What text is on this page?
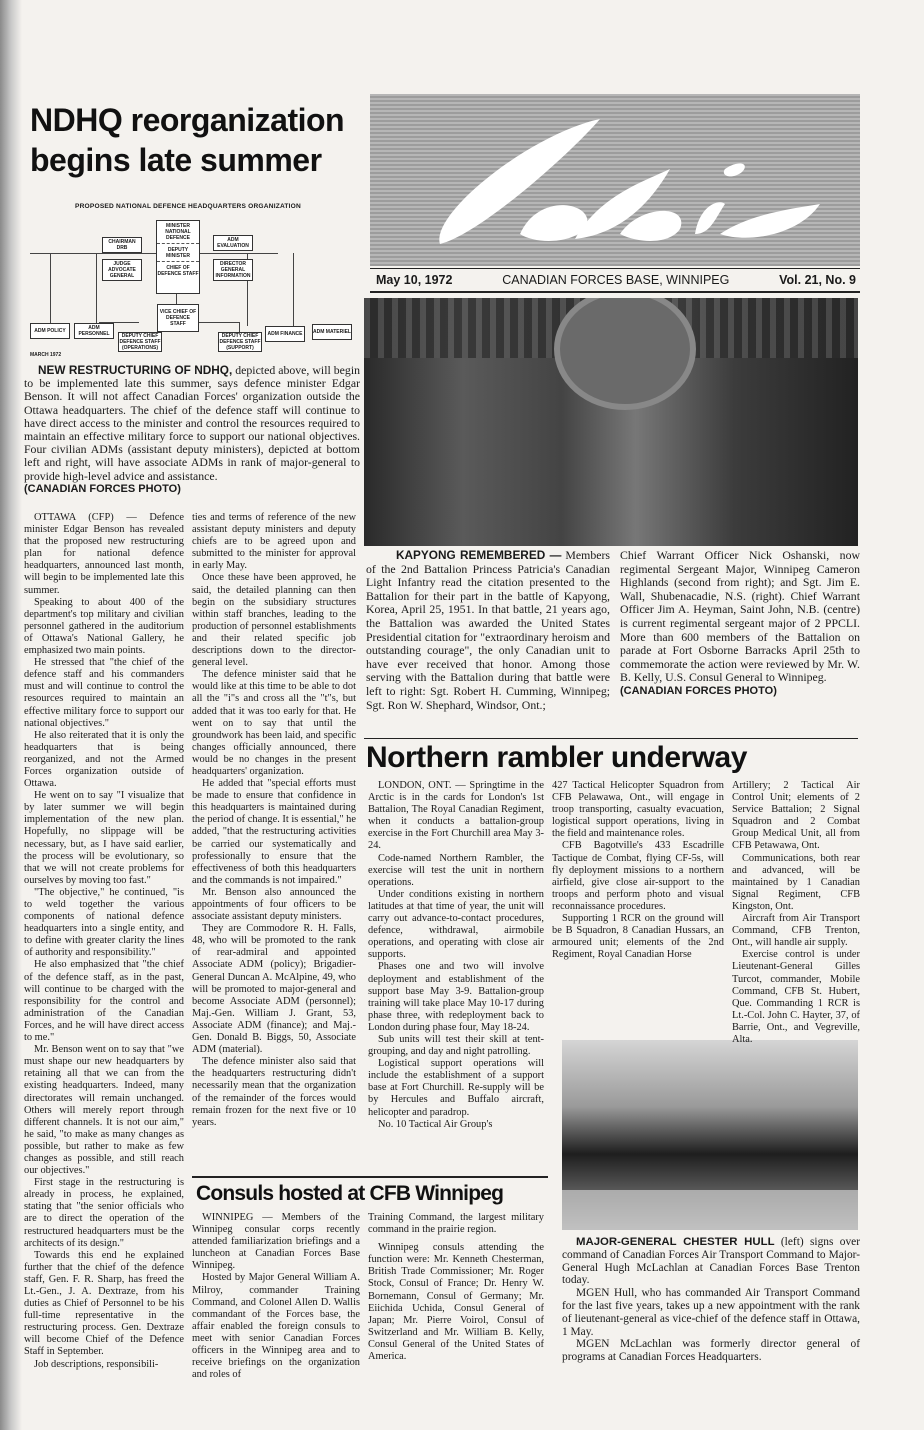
NDHQ reorganization
begins late summer
PROPOSED NATIONAL DEFENCE HEADQUARTERS ORGANIZATION
MINISTER NATIONAL DEFENCE
DEPUTY MINISTER
CHIEF OF DEFENCE STAFF
CHAIRMAN DRB
JUDGE ADVOCATE GENERAL
ADM EVALUATION
DIRECTOR GENERAL INFORMATION
VICE CHIEF OF DEFENCE STAFF
ADM POLICY	ADM PERSONNEL	DEPUTY CHIEF DEFENCE STAFF (OPERATIONS)
DEPUTY CHIEF DEFENCE STAFF (SUPPORT)
ADM FINANCE	ADM MATERIEL
MARCH 1972

NEW RESTRUCTURING OF NDHQ, depicted above, will begin to be implemented late this summer, says defence minister Edgar Benson. It will not affect Canadian Forces' organization outside the Ottawa headquarters. The chief of the defence staff will continue to have direct access to the minister and control the resources required to maintain an effective military force to support our national objectives. Four civilian ADMs (assistant deputy ministers), depicted at bottom left and right, will have associate ADMs in rank of major-general to provide high-level advice and assistance.

(CANADIAN FORCES PHOTO)

OTTAWA (CFP) — Defence minister Edgar Benson has revealed that the proposed new restructuring plan for national defence headquarters, announced last month, will begin to be implemented late this summer.

Speaking to about 400 of the department's top military and civilian personnel gathered in the auditorium of Ottawa's National Gallery, he emphasized two main points.

He stressed that "the chief of the defence staff and his commanders must and will continue to control the resources required to maintain an effective military force to support our national objectives."

He also reiterated that it is only the headquarters that is being reorganized, and not the Armed Forces organization outside of Ottawa.

He went on to say "I visualize that by later summer we will begin implementation of the new plan. Hopefully, no slippage will be necessary, but, as I have said earlier, the process will be evolutionary, so that we will not create problems for ourselves by moving too fast."

"The objective," he continued, "is to weld together the various components of national defence headquarters into a single entity, and to define with greater clarity the lines of authority and responsibility."

He also emphasized that "the chief of the defence staff, as in the past, will continue to be charged with the responsibility for the control and administration of the Canadian Forces, and he will have direct access to me."

Mr. Benson went on to say that "we must shape our new headquarters by retaining all that we can from the existing headquarters. Indeed, many directorates will remain unchanged. Others will merely report through different channels. It is not our aim," he said, "to make as many changes as possible, but rather to make as few changes as possible, and still reach our objectives."

First stage in the restructuring is already in process, he explained, stating that "the senior officials who are to direct the operation of the restructured headquarters must be the architects of its design."

Towards this end he explained further that the chief of the defence staff, Gen. F. R. Sharp, has freed the Lt.-Gen., J. A. Dextraze, from his duties as Chief of Personnel to be his full-time representative in the restructuring process. Gen. Dextraze will become Chief of the Defence Staff in September.

Job descriptions, responsibili-

ties and terms of reference of the new assistant deputy ministers and deputy chiefs are to be agreed upon and submitted to the minister for approval in early May.

Once these have been approved, he said, the detailed planning can then begin on the subsidiary structures within staff branches, leading to the production of personnel establishments and their related specific job descriptions down to the director-general level.

The defence minister said that he would like at this time to be able to dot all the "i"s and cross all the "t"s, but added that it was too early for that. He went on to say that until the groundwork has been laid, and specific changes officially announced, there would be no changes in the present headquarters' organization.

He added that "special efforts must be made to ensure that confidence in this headquarters is maintained during the period of change. It is essential," he added, "that the restructuring activities be carried our systematically and professionally to ensure that the effectiveness of both this headquarters and the commands is not impaired."

Mr. Benson also announced the appointments of four officers to be associate assistant deputy ministers.

They are Commodore R. H. Falls, 48, who will be promoted to the rank of rear-admiral and appointed Associate ADM (policy); Brigadier-General Duncan A. McAlpine, 49, who will be promoted to major-general and become Associate ADM (personnel); Maj.-Gen. William J. Grant, 53, Associate ADM (finance); and Maj.-Gen. Donald B. Biggs, 50, Associate ADM (material).

The defence minister also said that the headquarters restructuring didn't necessarily mean that the organization of the remainder of the forces would remain frozen for the next five or 10 years.

May 10, 1972	CANADIAN FORCES BASE, WINNIPEG	Vol. 21, No. 9

KAPYONG REMEMBERED — Members of the 2nd Battalion Princess Patricia's Canadian Light Infantry read the citation presented to the Battalion for their part in the battle of Kapyong, Korea, April 25, 1951. In that battle, 21 years ago, the Battalion was awarded the United States Presidential citation for "extraordinary heroism and outstanding courage", the only Canadian unit to have ever received that honor. Among those serving with the Battalion during that battle were left to right: Sgt. Robert H. Cumming, Winnipeg; Sgt. Ron W. Shephard, Windsor, Ont.;

Chief Warrant Officer Nick Oshanski, now regimental Sergeant Major, Winnipeg Cameron Highlands (second from right); and Sgt. Jim E. Wall, Shubenacadie, N.S. (right). Chief Warrant Officer Jim A. Heyman, Saint John, N.B. (centre) is current regimental sergeant major of 2 PPCLI. More than 600 members of the Battalion on parade at Fort Osborne Barracks April 25th to commemorate the action were reviewed by Mr. W. B. Kelly, U.S. Consul General to Winnipeg.

(CANADIAN FORCES PHOTO)
Northern rambler underway

LONDON, ONT. — Springtime in the Arctic is in the cards for London's 1st Battalion, The Royal Canadian Regiment, when it conducts a battalion-group exercise in the Fort Churchill area May 3-24.

Code-named Northern Rambler, the exercise will test the unit in northern operations.

Under conditions existing in northern latitudes at that time of year, the unit will carry out advance-to-contact procedures, defence, withdrawal, airmobile operations, and operating with close air supports.

Phases one and two will involve deployment and establishment of the support base May 3-9. Battalion-group training will take place May 10-17 during phase three, with redeployment back to London during phase four, May 18-24.

Sub units will test their skill at tent-grouping, and day and night patrolling.

Logistical support operations will include the establishment of a support base at Fort Churchill. Re-supply will be by Hercules and Buffalo aircraft, helicopter and paradrop.

No. 10 Tactical Air Group's

427 Tactical Helicopter Squadron from CFB Pelawawa, Ont., will engage in troop transporting, casualty evacuation, logistical support operations, living in the field and maintenance roles.

CFB Bagotville's 433 Escadrille Tactique de Combat, flying CF-5s, will fly deployment missions to a northern airfield, give close air-support to the troops and perform photo and visual reconnaissance procedures.

Supporting 1 RCR on the ground will be B Squadron, 8 Canadian Hussars, an armoured unit; elements of the 2nd Regiment, Royal Canadian Horse

Artillery; 2 Tactical Air Control Unit; elements of 2 Service Battalion; 2 Signal Squadron and 2 Combat Group Medical Unit, all from CFB Petawawa, Ont.

Communications, both rear and advanced, will be maintained by 1 Canadian Signal Regiment, CFB Kingston, Ont.

Aircraft from Air Transport Command, CFB Trenton, Ont., will handle air supply.

Exercise control is under Lieutenant-General Gilles Turcot, commander, Mobile Command, CFB St. Hubert, Que. Commanding 1 RCR is Lt.-Col. John C. Hayter, 37, of Barrie, Ont., and Vegreville, Alta.

Consuls hosted at CFB Winnipeg

WINNIPEG — Members of the Winnipeg consular corps recently attended familiarization briefings and a luncheon at Canadian Forces Base Winnipeg.

Hosted by Major General William A. Milroy, commander Training Command, and Colonel Allen D. Wallis commandant of the Forces base, the affair enabled the foreign consuls to meet with senior Canadian Forces officers in the Winnipeg area and to receive briefings on the organization and roles of

Training Command, the largest military command in the prairie region.

Winnipeg consuls attending the function were: Mr. Kenneth Chesterman, British Trade Commissioner; Mr. Roger Stock, Consul of France; Dr. Henry W. Bornemann, Consul of Germany; Mr. Eiichida Uchida, Consul General of Japan; Mr. Pierre Voirol, Consul of Switzerland and Mr. William B. Kelly, Consul General of the United States of America.

MAJOR-GENERAL CHESTER HULL (left) signs over command of Canadian Forces Air Transport Command to Major-General Hugh McLachlan at Canadian Forces Base Trenton today.

MGEN Hull, who has commanded Air Transport Command for the last five years, takes up a new appointment with the rank of lieutenant-general as vice-chief of the defence staff in Ottawa, 1 May.

MGEN McLachlan was formerly director general of programs at Canadian Forces Headquarters.
